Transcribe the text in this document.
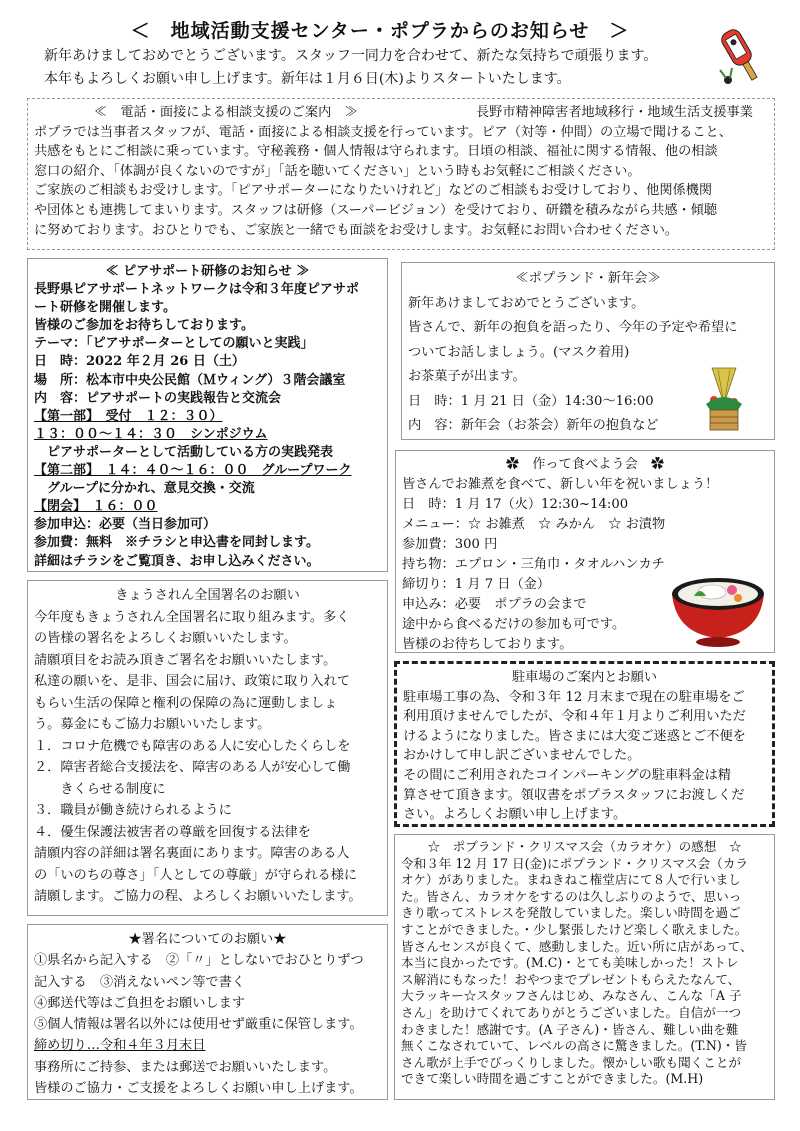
＜　地域活動支援センター・ポプラからのお知らせ　＞
新年あけましておめでとうございます。スタッフ一同力を合わせて、新たな気持ちで頑張ります。
本年もよろしくお願い申し上げます。新年は１月６日(木)よりスタートいたします。
≪　電話・面接による相談支援のご案内　≫	長野市精神障害者地域移行・地域生活支援事業
ポプラでは当事者スタッフが、電話・面接による相談支援を行っています。ピア（対等・仲間）の立場で聞けること、
共感をもとにご相談に乗っています。守秘義務・個人情報は守られます。日頃の相談、福祉に関する情報、他の相談
窓口の紹介、「体調が良くないのですが」「話を聴いてください」という時もお気軽にご相談ください。
ご家族のご相談もお受けします。「ピアサポーターになりたいけれど」などのご相談もお受けしており、他関係機関
や団体とも連携してまいります。スタッフは研修（スーパービジョン）を受けており、研鑽を積みながら共感・傾聴
に努めております。おひとりでも、ご家族と一緒でも面談をお受けします。お気軽にお問い合わせください。
≪ ピアサポート研修のお知らせ ≫
長野県ピアサポートネットワークは令和３年度ピアサポ
ート研修を開催します。
皆様のご参加をお待ちしております。
テーマ：「ピアサポーターとしての願いと実践」
日　時：2022 年２月 26 日（土）
場　所：松本市中央公民館（Ｍウィング）３階会議室
内　容：ピアサポートの実践報告と交流会
【第一部】　受付　１２：３０）
１３：００～１４：３０　シンポジウム
　ピアサポーターとして活動している方の実践発表
【第二部】　１４：４０～１６：００　グループワーク
　グループに分かれ、意見交換・交流
【閉会】　１６：００
参加申込：必要（当日参加可）
参加費：無料　※チラシと申込書を同封します。
詳細はチラシをご覧頂き、お申し込みください。
≪ポプランド・新年会≫
新年あけましておめでとうございます。
皆さんで、新年の抱負を語ったり、今年の予定や希望に
ついてお話しましょう。(マスク着用)
お茶菓子が出ます。
日　時：1 月 21 日（金）14:30～16:00
内　容：新年会（お茶会）新年の抱負など
✿　作って食べよう会　✿
皆さんでお雑煮を食べて、新しい年を祝いましょう！
日　時：1 月 17（火）12:30~14:00
メニュー：☆ お雑煮　☆ みかん　☆ お漬物
参加費：300 円
持ち物：エプロン・三角巾・タオルハンカチ
締切り：1 月 7 日（金）
申込み：必要　ポプラの会まで
途中から食べるだけの参加も可です。
皆様のお待ちしております。
きょうされん全国署名のお願い
今年度もきょうされん全国署名に取り組みます。多く
の皆様の署名をよろしくお願いいたします。
請願項目をお読み頂きご署名をお願いいたします。
私達の願いを、是非、国会に届け、政策に取り入れて
もらい生活の保障と権利の保障の為に運動しましょ
う。募金にもご協力お願いいたします。
１．コロナ危機でも障害のある人に安心したくらしを
２．障害者総合支援法を、障害のある人が安心して働
　　きくらせる制度に
３．職員が働き続けられるように
４．優生保護法被害者の尊厳を回復する法律を
請願内容の詳細は署名裏面にあります。障害のある人
の「いのちの尊さ」「人としての尊厳」が守られる様に
請願します。ご協力の程、よろしくお願いいたします。
駐車場のご案内とお願い
駐車場工事の為、令和３年 12 月末まで現在の駐車場をご
利用頂けませんでしたが、令和４年１月よりご利用いただ
けるようになりました。皆さまには大変ご迷惑とご不便を
おかけして申し訳ございませんでした。
その間にご利用されたコインパーキングの駐車料金は精
算させて頂きます。領収書をポプラスタッフにお渡しくだ
さい。よろしくお願い申し上げます。
★署名についてのお願い★
①県名から記入する　②「〃」としないでおひとりずつ
記入する　③消えないペン等で書く
④郵送代等はご負担をお願いします
⑤個人情報は署名以外には使用せず厳重に保管します。
締め切り…令和４年３月末日
事務所にご持参、または郵送でお願いいたします。
皆様のご協力・ご支援をよろしくお願い申し上げます。
☆　ポプランド・クリスマス会（カラオケ）の感想　☆
令和３年 12 月 17 日(金)にポプランド・クリスマス会（カラ
オケ）がありました。まねきねこ権堂店にて８人で行いまし
た。皆さん、カラオケをするのは久しぶりのようで、思いっ
きり歌ってストレスを発散していました。楽しい時間を過ご
すことができました。・少し緊張したけど楽しく歌えました。
皆さんセンスが良くて、感動しました。近い所に店があって、
本当に良かったです。(M.C)・とても美味しかった！ストレ
ス解消にもなった！おやつまでプレゼントもらえたなんて、
大ラッキー☆スタッフさんはじめ、みなさん、こんな「A 子
さん」を助けてくれてありがとうございました。自信が一つ
わきました！感謝です。(A 子さん)・皆さん、難しい曲を難
無くこなされていて、レベルの高さに驚きました。(T.N)・皆
さん歌が上手でびっくりしました。懐かしい歌も聞くことが
できて楽しい時間を過ごすことができました。(M.H)
